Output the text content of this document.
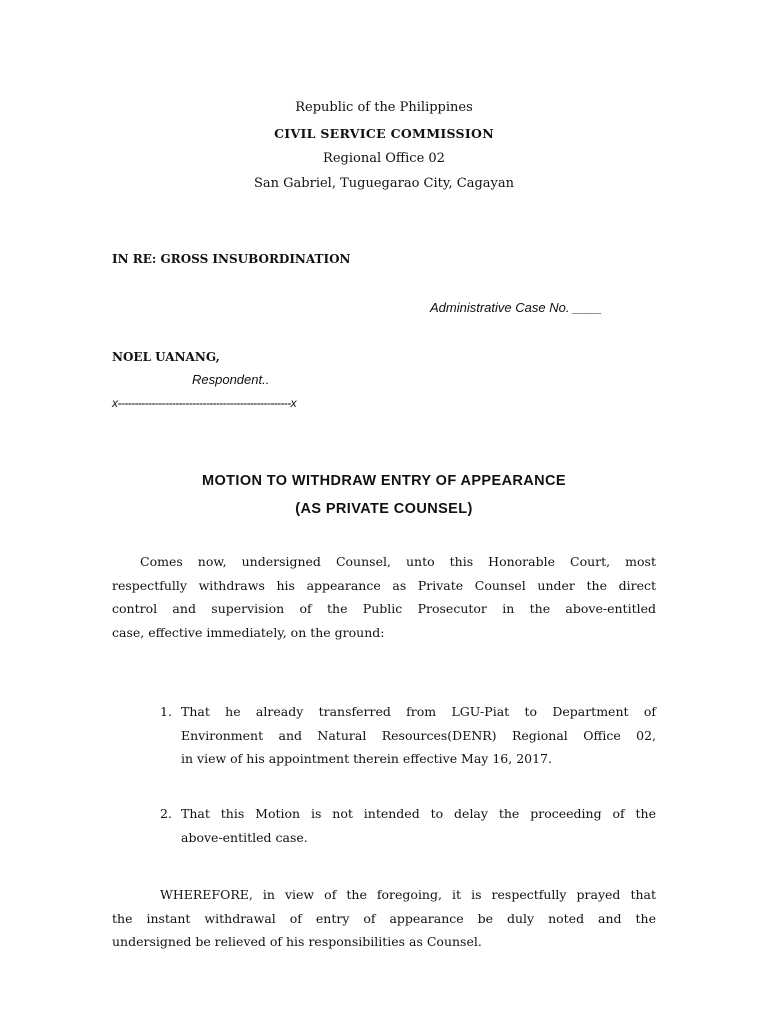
Republic of the Philippines
CIVIL SERVICE COMMISSION
Regional Office 02
San Gabriel, Tuguegarao City, Cagayan
IN RE: GROSS INSUBORDINATION
Administrative Case No. ____
NOEL UANANG,
Respondent..
x---------------------------------------------------x
MOTION TO WITHDRAW ENTRY OF APPEARANCE
(AS PRIVATE COUNSEL)
Comes now, undersigned Counsel, unto this Honorable Court, most
respectfully withdraws his appearance as Private Counsel under the direct
control and supervision of the Public Prosecutor in the above-entitled
case, effective immediately, on the ground:
1. That he already transferred from LGU-Piat to Department of
Environment and Natural Resources(DENR) Regional Office 02,
in view of his appointment therein effective May 16, 2017.
2. That this Motion is not intended to delay the proceeding of the
above-entitled case.
WHEREFORE, in view of the foregoing, it is respectfully prayed that
the instant withdrawal of entry of appearance be duly noted and the
undersigned be relieved of his responsibilities as Counsel.
